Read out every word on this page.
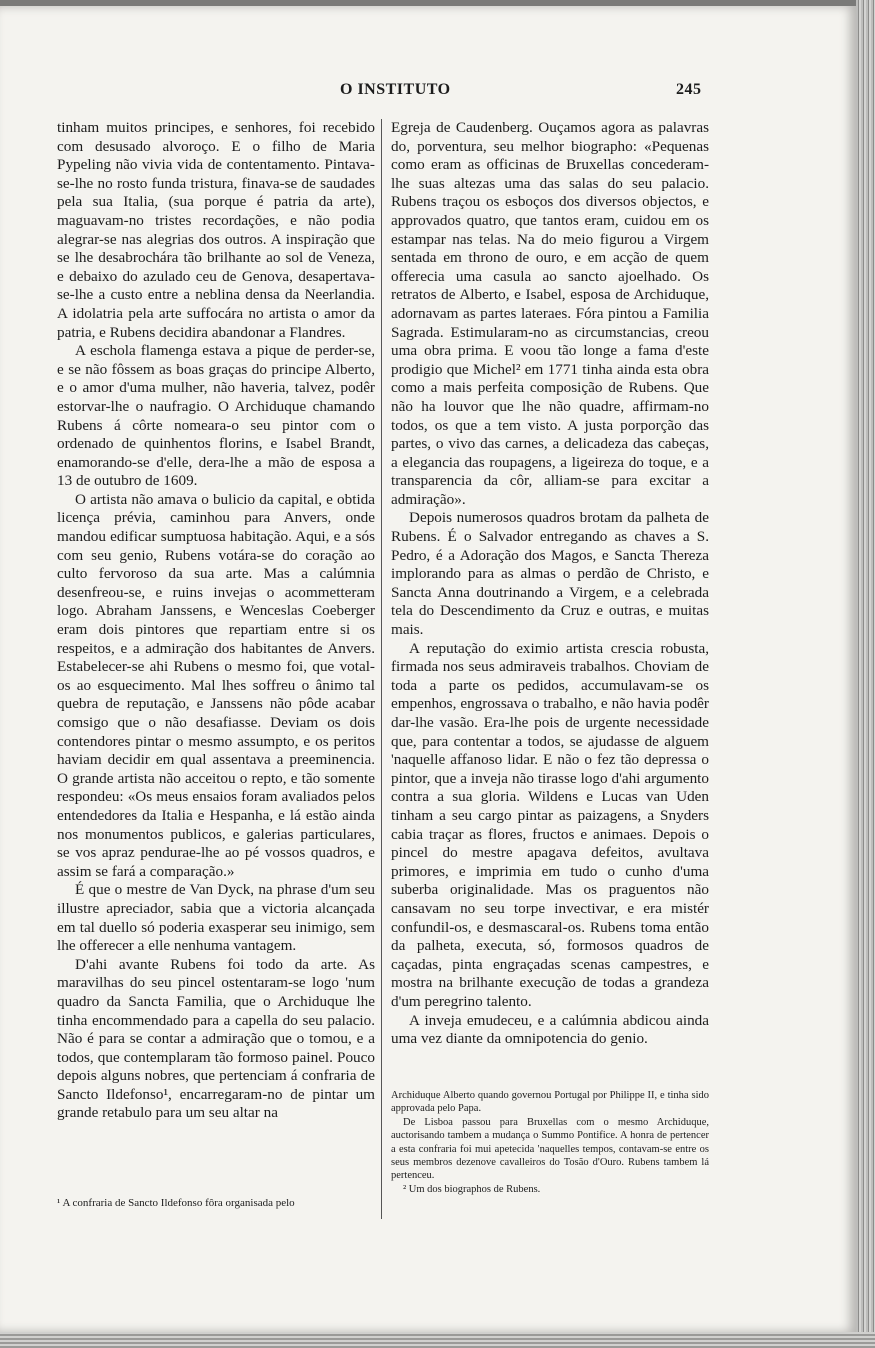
O INSTITUTO	245

tinham muitos principes, e senhores, foi recebido com desusado alvoroço. E o filho de Maria Pypeling não vivia vida de contentamento. Pintava-se-lhe no rosto funda tristura, finava-se de saudades pela sua Italia, (sua porque é patria da arte), maguavam-no tristes recordações, e não podia alegrar-se nas alegrias dos outros. A inspiração que se lhe desabrochára tão brilhante ao sol de Veneza, e debaixo do azulado ceu de Genova, desapertava-se-lhe a custo entre a neblina densa da Neerlandia. A idolatria pela arte suffocára no artista o amor da patria, e Rubens decidira abandonar a Flandres.

A eschola flamenga estava a pique de perder-se, e se não fôssem as boas graças do principe Alberto, e o amor d'uma mulher, não haveria, talvez, podêr estorvar-lhe o naufragio. O Archiduque chamando Rubens á côrte nomeara-o seu pintor com o ordenado de quinhentos florins, e Isabel Brandt, enamorando-se d'elle, dera-lhe a mão de esposa a 13 de outubro de 1609.

O artista não amava o bulicio da capital, e obtida licença prévia, caminhou para Anvers, onde mandou edificar sumptuosa habitação. Aqui, e a sós com seu genio, Rubens votára-se do coração ao culto fervoroso da sua arte. Mas a calúmnia desenfreou-se, e ruins invejas o acommetteram logo. Abraham Janssens, e Wenceslas Coeberger eram dois pintores que repartiam entre si os respeitos, e a admiração dos habitantes de Anvers. Estabelecer-se ahi Rubens o mesmo foi, que votal-os ao esquecimento. Mal lhes soffreu o ânimo tal quebra de reputação, e Janssens não pôde acabar comsigo que o não desafiasse. Deviam os dois contendores pintar o mesmo assumpto, e os peritos haviam decidir em qual assentava a preeminencia. O grande artista não acceitou o repto, e tão somente respondeu: «Os meus ensaios foram avaliados pelos entendedores da Italia e Hespanha, e lá estão ainda nos monumentos publicos, e galerias particulares, se vos apraz pendurae-lhe ao pé vossos quadros, e assim se fará a comparação.»

É que o mestre de Van Dyck, na phrase d'um seu illustre apreciador, sabia que a victoria alcançada em tal duello só poderia exasperar seu inimigo, sem lhe offerecer a elle nenhuma vantagem.

D'ahi avante Rubens foi todo da arte. As maravilhas do seu pincel ostentaram-se logo 'num quadro da Sancta Familia, que o Archiduque lhe tinha encommendado para a capella do seu palacio. Não é para se contar a admiração que o tomou, e a todos, que contemplaram tão formoso painel. Pouco depois alguns nobres, que pertenciam á confraria de Sancto Ildefonso¹, encarregaram-no de pintar um grande retabulo para um seu altar na

Egreja de Caudenberg. Ouçamos agora as palavras do, porventura, seu melhor biographo: «Pequenas como eram as officinas de Bruxellas concederam-lhe suas altezas uma das salas do seu palacio. Rubens traçou os esboços dos diversos objectos, e approvados quatro, que tantos eram, cuidou em os estampar nas telas. Na do meio figurou a Virgem sentada em throno de ouro, e em acção de quem offerecia uma casula ao sancto ajoelhado. Os retratos de Alberto, e Isabel, esposa de Archiduque, adornavam as partes lateraes. Fóra pintou a Familia Sagrada. Estimularam-no as circumstancias, creou uma obra prima. E voou tão longe a fama d'este prodigio que Michel² em 1771 tinha ainda esta obra como a mais perfeita composição de Rubens. Que não ha louvor que lhe não quadre, affirmam-no todos, os que a tem visto. A justa porporção das partes, o vivo das carnes, a delicadeza das cabeças, a elegancia das roupagens, a ligeireza do toque, e a transparencia da côr, alliam-se para excitar a admiração».

Depois numerosos quadros brotam da palheta de Rubens. É o Salvador entregando as chaves a S. Pedro, é a Adoração dos Magos, e Sancta Thereza implorando para as almas o perdão de Christo, e Sancta Anna doutrinando a Virgem, e a celebrada tela do Descendimento da Cruz e outras, e muitas mais.

A reputação do eximio artista crescia robusta, firmada nos seus admiraveis trabalhos. Choviam de toda a parte os pedidos, accumulavam-se os empenhos, engrossava o trabalho, e não havia podêr dar-lhe vasão. Era-lhe pois de urgente necessidade que, para contentar a todos, se ajudasse de alguem 'naquelle affanoso lidar. E não o fez tão depressa o pintor, que a inveja não tirasse logo d'ahi argumento contra a sua gloria. Wildens e Lucas van Uden tinham a seu cargo pintar as paizagens, a Snyders cabia traçar as flores, fructos e animaes. Depois o pincel do mestre apagava defeitos, avultava primores, e imprimia em tudo o cunho d'uma suberba originalidade. Mas os praguentos não cansavam no seu torpe invectivar, e era mistér confundil-os, e desmascaral-os. Rubens toma então da palheta, executa, só, formosos quadros de caçadas, pinta engraçadas scenas campestres, e mostra na brilhante execução de todas a grandeza d'um peregrino talento.

A inveja emudeceu, e a calúmnia abdicou ainda uma vez diante da omnipotencia do genio.

Archiduque Alberto quando governou Portugal por Philippe II, e tinha sido approvada pelo Papa.

De Lisboa passou para Bruxellas com o mesmo Archiduque, auctorisando tambem a mudança o Summo Pontifice. A honra de pertencer a esta confraria foi mui apetecida 'naquelles tempos, contavam-se entre os seus membros dezenove cavalleiros do Tosão d'Ouro. Rubens tambem lá pertenceu.

² Um dos biographos de Rubens.

¹ A confraria de Sancto Ildefonso fôra organisada pelo
